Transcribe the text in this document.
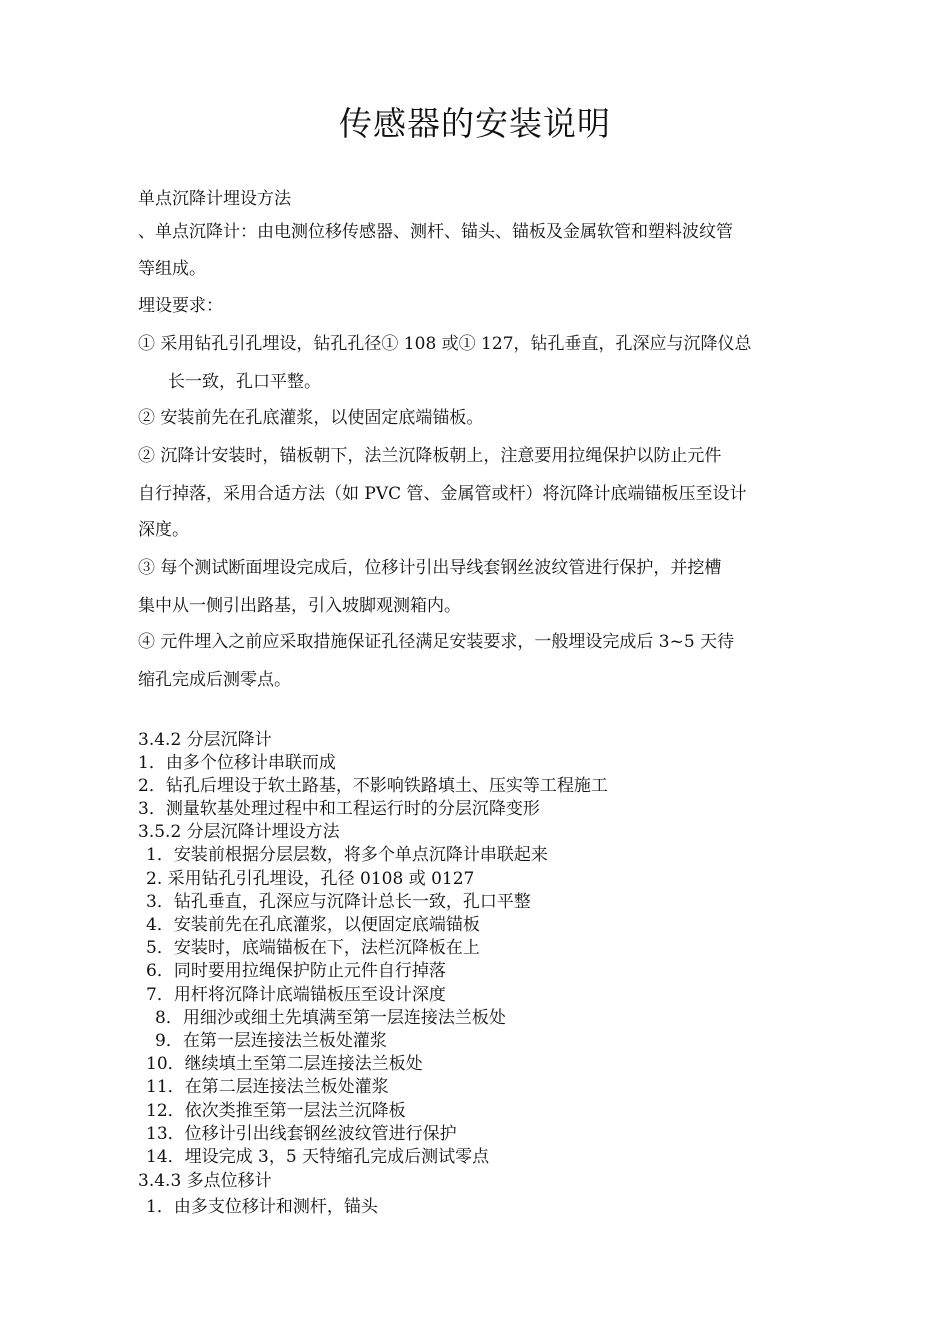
传感器的安装说明
单点沉降计埋设方法
、单点沉降计：由电测位移传感器、测杆、锚头、锚板及金属软管和塑料波纹管
等组成。
埋设要求：
① 采用钻孔引孔埋设，钻孔孔径① 108 或① 127，钻孔垂直，孔深应与沉降仪总
长一致，孔口平整。
② 安装前先在孔底灌浆，以使固定底端锚板。
② 沉降计安装时，锚板朝下，法兰沉降板朝上，注意要用拉绳保护以防止元件
自行掉落，采用合适方法（如 PVC 管、金属管或杆）将沉降计底端锚板压至设计
深度。
③ 每个测试断面埋设完成后，位移计引出导线套钢丝波纹管进行保护，并挖槽
集中从一侧引出路基，引入坡脚观测箱内。
④ 元件埋入之前应采取措施保证孔径满足安装要求，一般埋设完成后 3~5 天待
缩孔完成后测零点。
3.4.2 分层沉降计
1．由多个位移计串联而成
2．钻孔后埋设于软土路基，不影响铁路填土、压实等工程施工
3．测量软基处理过程中和工程运行时的分层沉降变形
3.5.2 分层沉降计埋设方法
1．安装前根据分层层数，将多个单点沉降计串联起来
2. 采用钻孔引孔埋设，孔径 0108 或 0127
3．钻孔垂直，孔深应与沉降计总长一致，孔口平整
4．安装前先在孔底灌浆，以便固定底端锚板
5．安装时，底端锚板在下，法栏沉降板在上
6．同时要用拉绳保护防止元件自行掉落
7．用杆将沉降计底端锚板压至设计深度
8．用细沙或细土先填满至第一层连接法兰板处
9．在第一层连接法兰板处灌浆
10．继续填土至第二层连接法兰板处
11．在第二层连接法兰板处灌浆
12．依次类推至第一层法兰沉降板
13．位移计引出线套钢丝波纹管进行保护
14．埋设完成 3，5 天特缩孔完成后测试零点
3.4.3 多点位移计
1．由多支位移计和测杆，锚头
